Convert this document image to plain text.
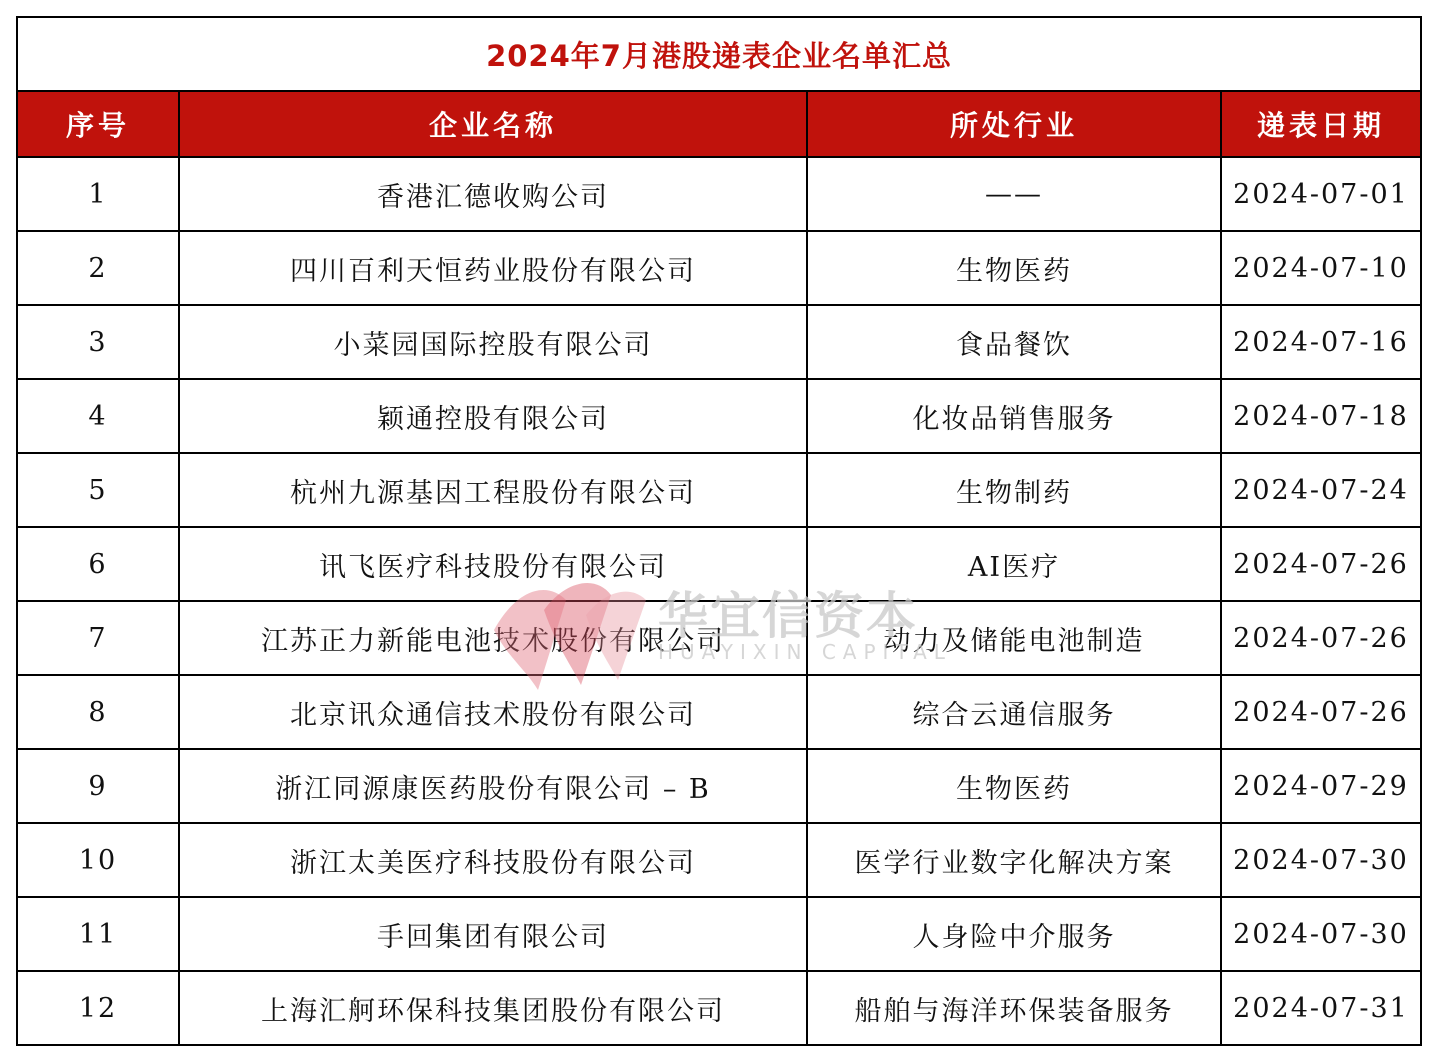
2024年7月港股递表企业名单汇总			
序号	企业名称	所处行业	递表日期
1	香港汇德收购公司	——	2024-07-01
2	四川百利天恒药业股份有限公司	生物医药	2024-07-10
3	小菜园国际控股有限公司	食品餐饮	2024-07-16
4	颖通控股有限公司	化妆品销售服务	2024-07-18
5	杭州九源基因工程股份有限公司	生物制药	2024-07-24
6	讯飞医疗科技股份有限公司	AI医疗	2024-07-26
7	江苏正力新能电池技术股份有限公司	动力及储能电池制造	2024-07-26
8	北京讯众通信技术股份有限公司	综合云通信服务	2024-07-26
9	浙江同源康医药股份有限公司 – B	生物医药	2024-07-29
10	浙江太美医疗科技股份有限公司	医学行业数字化解决方案	2024-07-30
11	手回集团有限公司	人身险中介服务	2024-07-30
12	上海汇舸环保科技集团股份有限公司	船舶与海洋环保装备服务	2024-07-31
华宜信资本
HUAYIXIN CAPITAL
